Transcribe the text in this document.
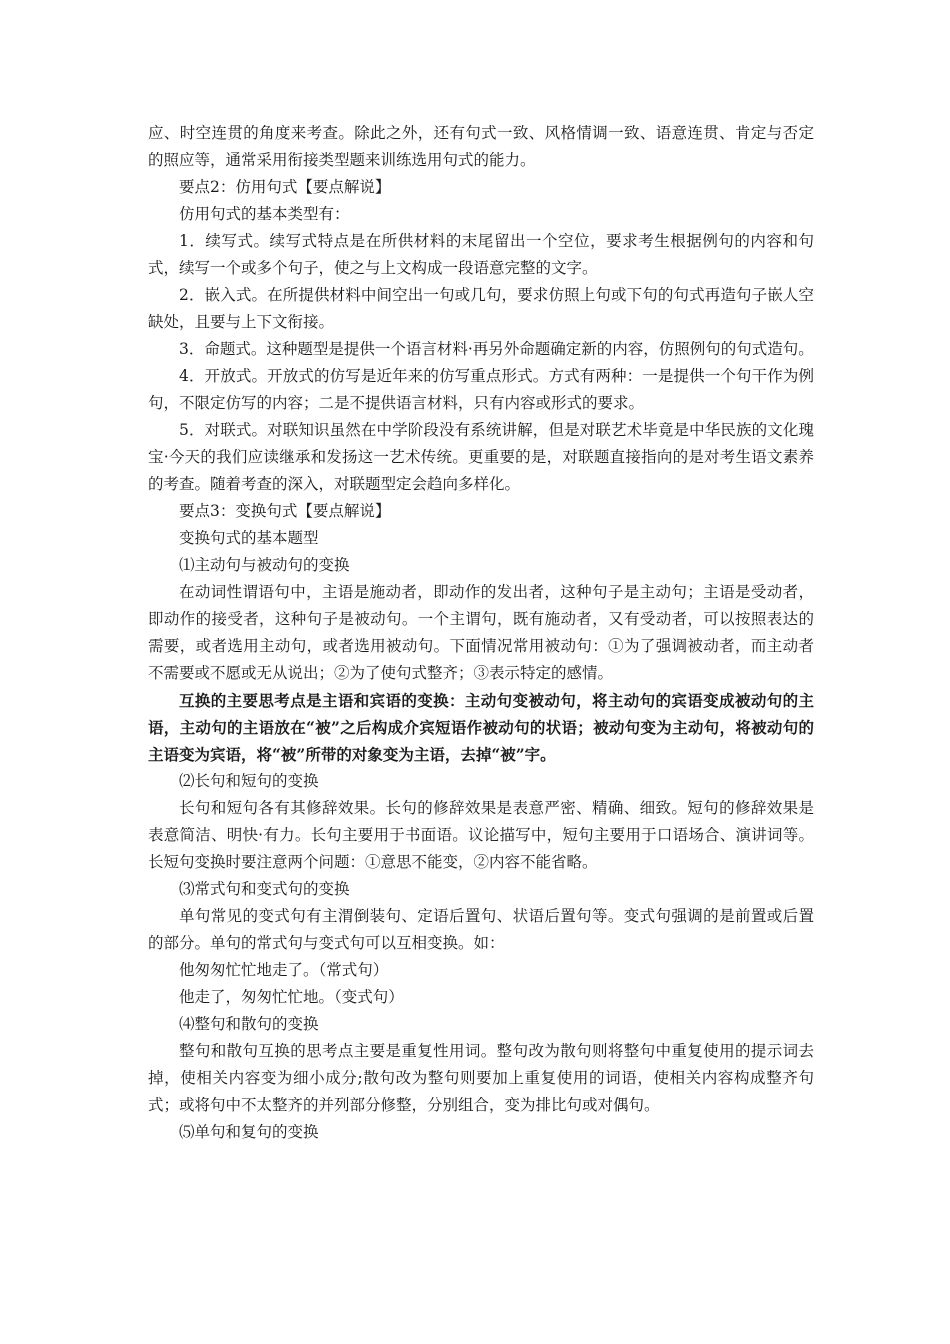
应、时空连贯的角度来考查。除此之外，还有句式一致、风格情调一致、语意连贯、肯定与否定的照应等，通常采用衔接类型题来训练选用句式的能力。

要点2：仿用句式【要点解说】

仿用句式的基本类型有：

1．续写式。续写式特点是在所供材料的末尾留出一个空位，要求考生根据例句的内容和句式，续写一个或多个句子，使之与上文构成一段语意完整的文字。

2．嵌入式。在所提供材料中间空出一句或几句，要求仿照上句或下句的句式再造句子嵌人空缺处，且要与上下文衔接。

3．命题式。这种题型是提供一个语言材料·再另外命题确定新的内容，仿照例句的句式造句。

4．开放式。开放式的仿写是近年来的仿写重点形式。方式有两种：一是提供一个句干作为例句，不限定仿写的内容；二是不提供语言材料，只有内容或形式的要求。

5．对联式。对联知识虽然在中学阶段没有系统讲解，但是对联艺术毕竟是中华民族的文化瑰宝·今天的我们应读继承和发扬这一艺术传统。更重要的是，对联题直接指向的是对考生语文素养的考查。随着考查的深入，对联题型定会趋向多样化。

要点3：变换句式【要点解说】

变换句式的基本题型

⑴主动句与被动句的变换

在动词性谓语句中，主语是施动者，即动作的发出者，这种句子是主动句；主语是受动者，即动作的接受者，这种句子是被动句。一个主谓句，既有施动者，又有受动者，可以按照表达的需要，或者选用主动句，或者选用被动句。下面情况常用被动句：①为了强调被动者，而主动者不需要或不愿或无从说出；②为了使句式整齐；③表示特定的感情。

互换的主要思考点是主语和宾语的变换：主动句变被动句，将主动句的宾语变成被动句的主语，主动句的主语放在“被”之后构成介宾短语作被动句的状语；被动句变为主动句，将被动句的主语变为宾语，将“被”所带的对象变为主语，去掉“被”宇。

⑵长句和短句的变换

长句和短句各有其修辞效果。长句的修辞效果是表意严密、精确、细致。短句的修辞效果是表意简洁、明快·有力。长句主要用于书面语。议论描写中，短句主要用于口语场合、演讲词等。长短句变换时要注意两个问题：①意思不能变，②内容不能省略。

⑶常式句和变式句的变换

单句常见的变式句有主渭倒装句、定语后置句、状语后置句等。变式句强调的是前置或后置的部分。单句的常式句与变式句可以互相变换。如：

他匆匆忙忙地走了。（常式句）

他走了，匆匆忙忙地。（变式句）

⑷整句和散句的变换

整句和散句互换的思考点主要是重复性用词。整句改为散句则将整句中重复使用的提示词去掉，使相关内容变为细小成分;散句改为整句则要加上重复使用的词语，使相关内容构成整齐句式；或将句中不太整齐的并列部分修整，分别组合，变为排比句或对偶句。

⑸单句和复句的变换
